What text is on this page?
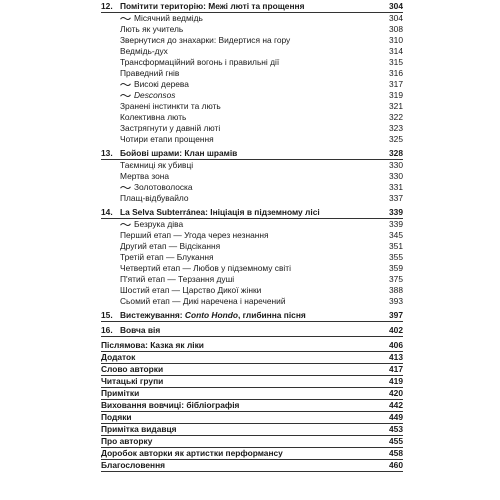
12. Помітити територію: Межі люті та прощення	304
Місячний ведмідь	304
Лють як учитель	308
Звернутися до знахарки: Видертися на гору	310
Ведмідь-дух	314
Трансформаційний вогонь і правильні дії	315
Праведний гнів	316
Високі дерева	317
Desconsos	319
Зранені інстинкти та лють	321
Колективна лють	322
Застрягнути у давній люті	323
Чотири етапи прощення	325
13. Бойові шрами: Клан шрамів	328
Таємниці як убивці	330
Мертва зона	330
Золотоволоска	331
Плащ-відбувайло	337
14. La Selva Subterránea: Ініціація в підземному лісі	339
Безрука діва	339
Перший етап — Угода через незнання	345
Другий етап — Відсікання	351
Третій етап — Блукання	355
Четвертий етап — Любов у підземному світі	359
П'ятий етап — Терзання душі	375
Шостий етап — Царство Дикої жінки	388
Сьомий етап — Дикі наречена і наречений	393
15. Вистежування: Conto Hondo, глибинна пісня	397
16. Вовча вія	402
Післямова: Казка як ліки	406
Додаток	413
Слово авторки	417
Читацькі групи	419
Примітки	420
Виховання вовчиці: бібліографія	442
Подяки	449
Примітка видавця	453
Про авторку	455
Доробок авторки як артистки перформансу	458
Благословення	460
